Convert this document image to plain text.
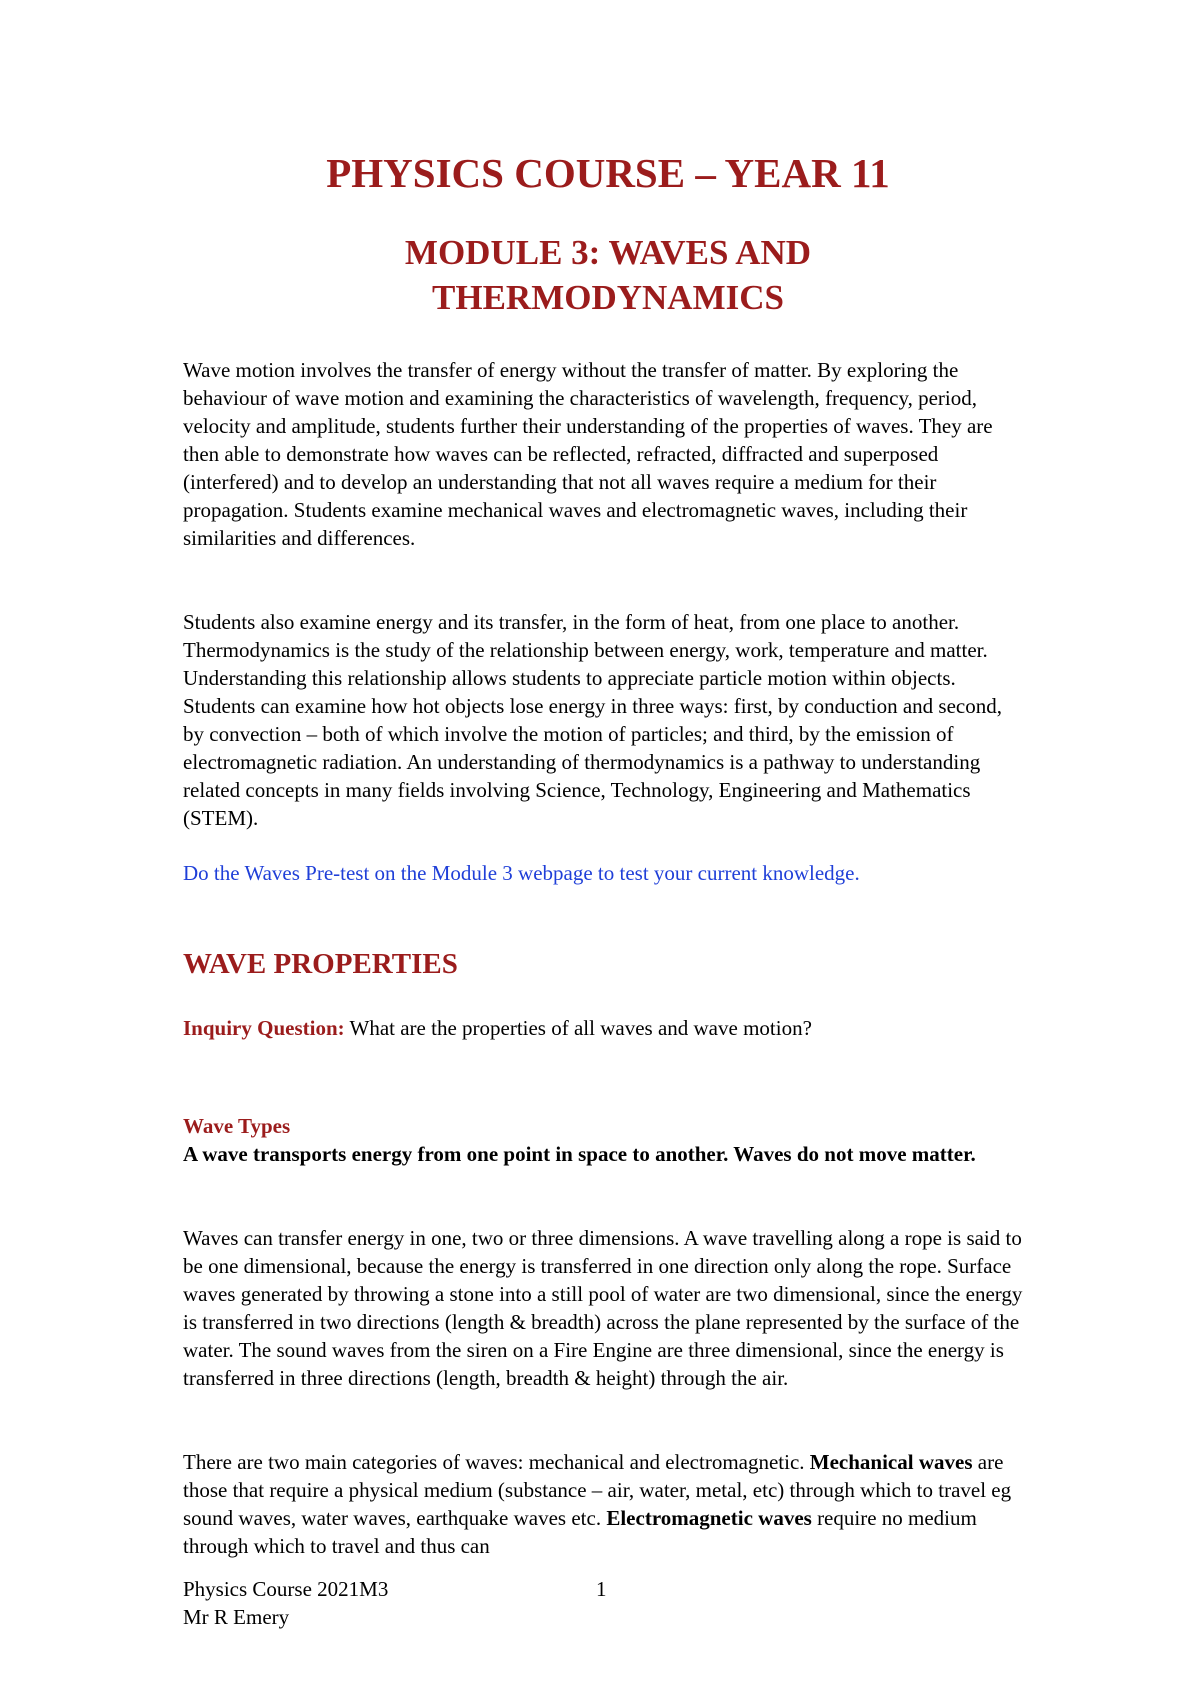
PHYSICS COURSE – YEAR 11
MODULE 3: WAVES AND
THERMODYNAMICS

Wave motion involves the transfer of energy without the transfer of matter. By exploring the behaviour of wave motion and examining the characteristics of wavelength, frequency, period, velocity and amplitude, students further their understanding of the properties of waves. They are then able to demonstrate how waves can be reflected, refracted, diffracted and superposed (interfered) and to develop an understanding that not all waves require a medium for their propagation. Students examine mechanical waves and electromagnetic waves, including their similarities and differences.

Students also examine energy and its transfer, in the form of heat, from one place to another. Thermodynamics is the study of the relationship between energy, work, temperature and matter. Understanding this relationship allows students to appreciate particle motion within objects. Students can examine how hot objects lose energy in three ways: first, by conduction and second, by convection – both of which involve the motion of particles; and third, by the emission of electromagnetic radiation. An understanding of thermodynamics is a pathway to understanding related concepts in many fields involving Science, Technology, Engineering and Mathematics (STEM).

Do the Waves Pre-test on the Module 3 webpage to test your current knowledge.

WAVE PROPERTIES

Inquiry Question: What are the properties of all waves and wave motion?

Wave Types

A wave transports energy from one point in space to another. Waves do not move matter.

Waves can transfer energy in one, two or three dimensions. A wave travelling along a rope is said to be one dimensional, because the energy is transferred in one direction only along the rope. Surface waves generated by throwing a stone into a still pool of water are two dimensional, since the energy is transferred in two directions (length & breadth) across the plane represented by the surface of the water. The sound waves from the siren on a Fire Engine are three dimensional, since the energy is transferred in three directions (length, breadth & height) through the air.

There are two main categories of waves: mechanical and electromagnetic. Mechanical waves are those that require a physical medium (substance – air, water, metal, etc) through which to travel eg sound waves, water waves, earthquake waves etc. Electromagnetic waves require no medium through which to travel and thus can

Physics Course 2021M3
Mr R Emery
1
